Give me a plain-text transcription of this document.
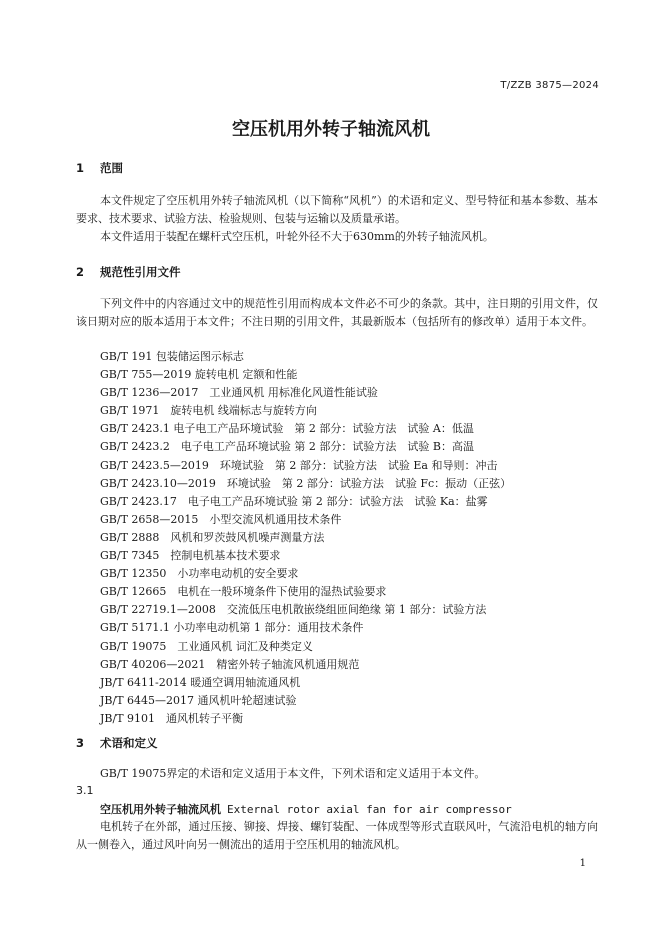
T/ZZB 3875—2024
空压机用外转子轴流风机
1 范围
本文件规定了空压机用外转子轴流风机（以下简称“风机”）的术语和定义、型号特征和基本参数、基本要求、技术要求、试验方法、检验规则、包装与运输以及质量承诺。
本文件适用于装配在螺杆式空压机，叶轮外径不大于630mm的外转子轴流风机。
2 规范性引用文件
下列文件中的内容通过文中的规范性引用而构成本文件必不可少的条款。其中，注日期的引用文件，仅该日期对应的版本适用于本文件；不注日期的引用文件，其最新版本（包括所有的修改单）适用于本文件。
GB/T 191 包装储运图示标志
GB/T 755—2019 旋转电机 定额和性能
GB/T 1236—2017　工业通风机 用标准化风道性能试验
GB/T 1971　旋转电机 线端标志与旋转方向
GB/T 2423.1 电子电工产品环境试验　第 2 部分：试验方法　试验 A：低温
GB/T 2423.2　电子电工产品环境试验 第 2 部分：试验方法　试验 B：高温
GB/T 2423.5—2019　环境试验　第 2 部分：试验方法　试验 Ea 和导则：冲击
GB/T 2423.10—2019　环境试验　第 2 部分：试验方法　试验 Fc：振动（正弦）
GB/T 2423.17　电子电工产品环境试验 第 2 部分：试验方法　试验 Ka：盐雾
GB/T 2658—2015　小型交流风机通用技术条件
GB/T 2888　风机和罗茨鼓风机噪声测量方法
GB/T 7345　控制电机基本技术要求
GB/T 12350　小功率电动机的安全要求
GB/T 12665　电机在一般环境条件下使用的湿热试验要求
GB/T 22719.1—2008　交流低压电机散嵌绕组匝间绝缘 第 1 部分：试验方法
GB/T 5171.1 小功率电动机第 1 部分：通用技术条件
GB/T 19075　工业通风机 词汇及种类定义
GB/T 40206—2021　精密外转子轴流风机通用规范
JB/T 6411-2014 暖通空调用轴流通风机
JB/T 6445—2017 通风机叶轮超速试验
JB/T 9101　通风机转子平衡
3 术语和定义
GB/T 19075界定的术语和定义适用于本文件，下列术语和定义适用于本文件。
3.1
空压机用外转子轴流风机 External rotor axial fan for air compressor
电机转子在外部，通过压接、铆接、焊接、螺钉装配、一体成型等形式直联风叶，气流沿电机的轴方向从一侧卷入，通过风叶向另一侧流出的适用于空压机用的轴流风机。
1
